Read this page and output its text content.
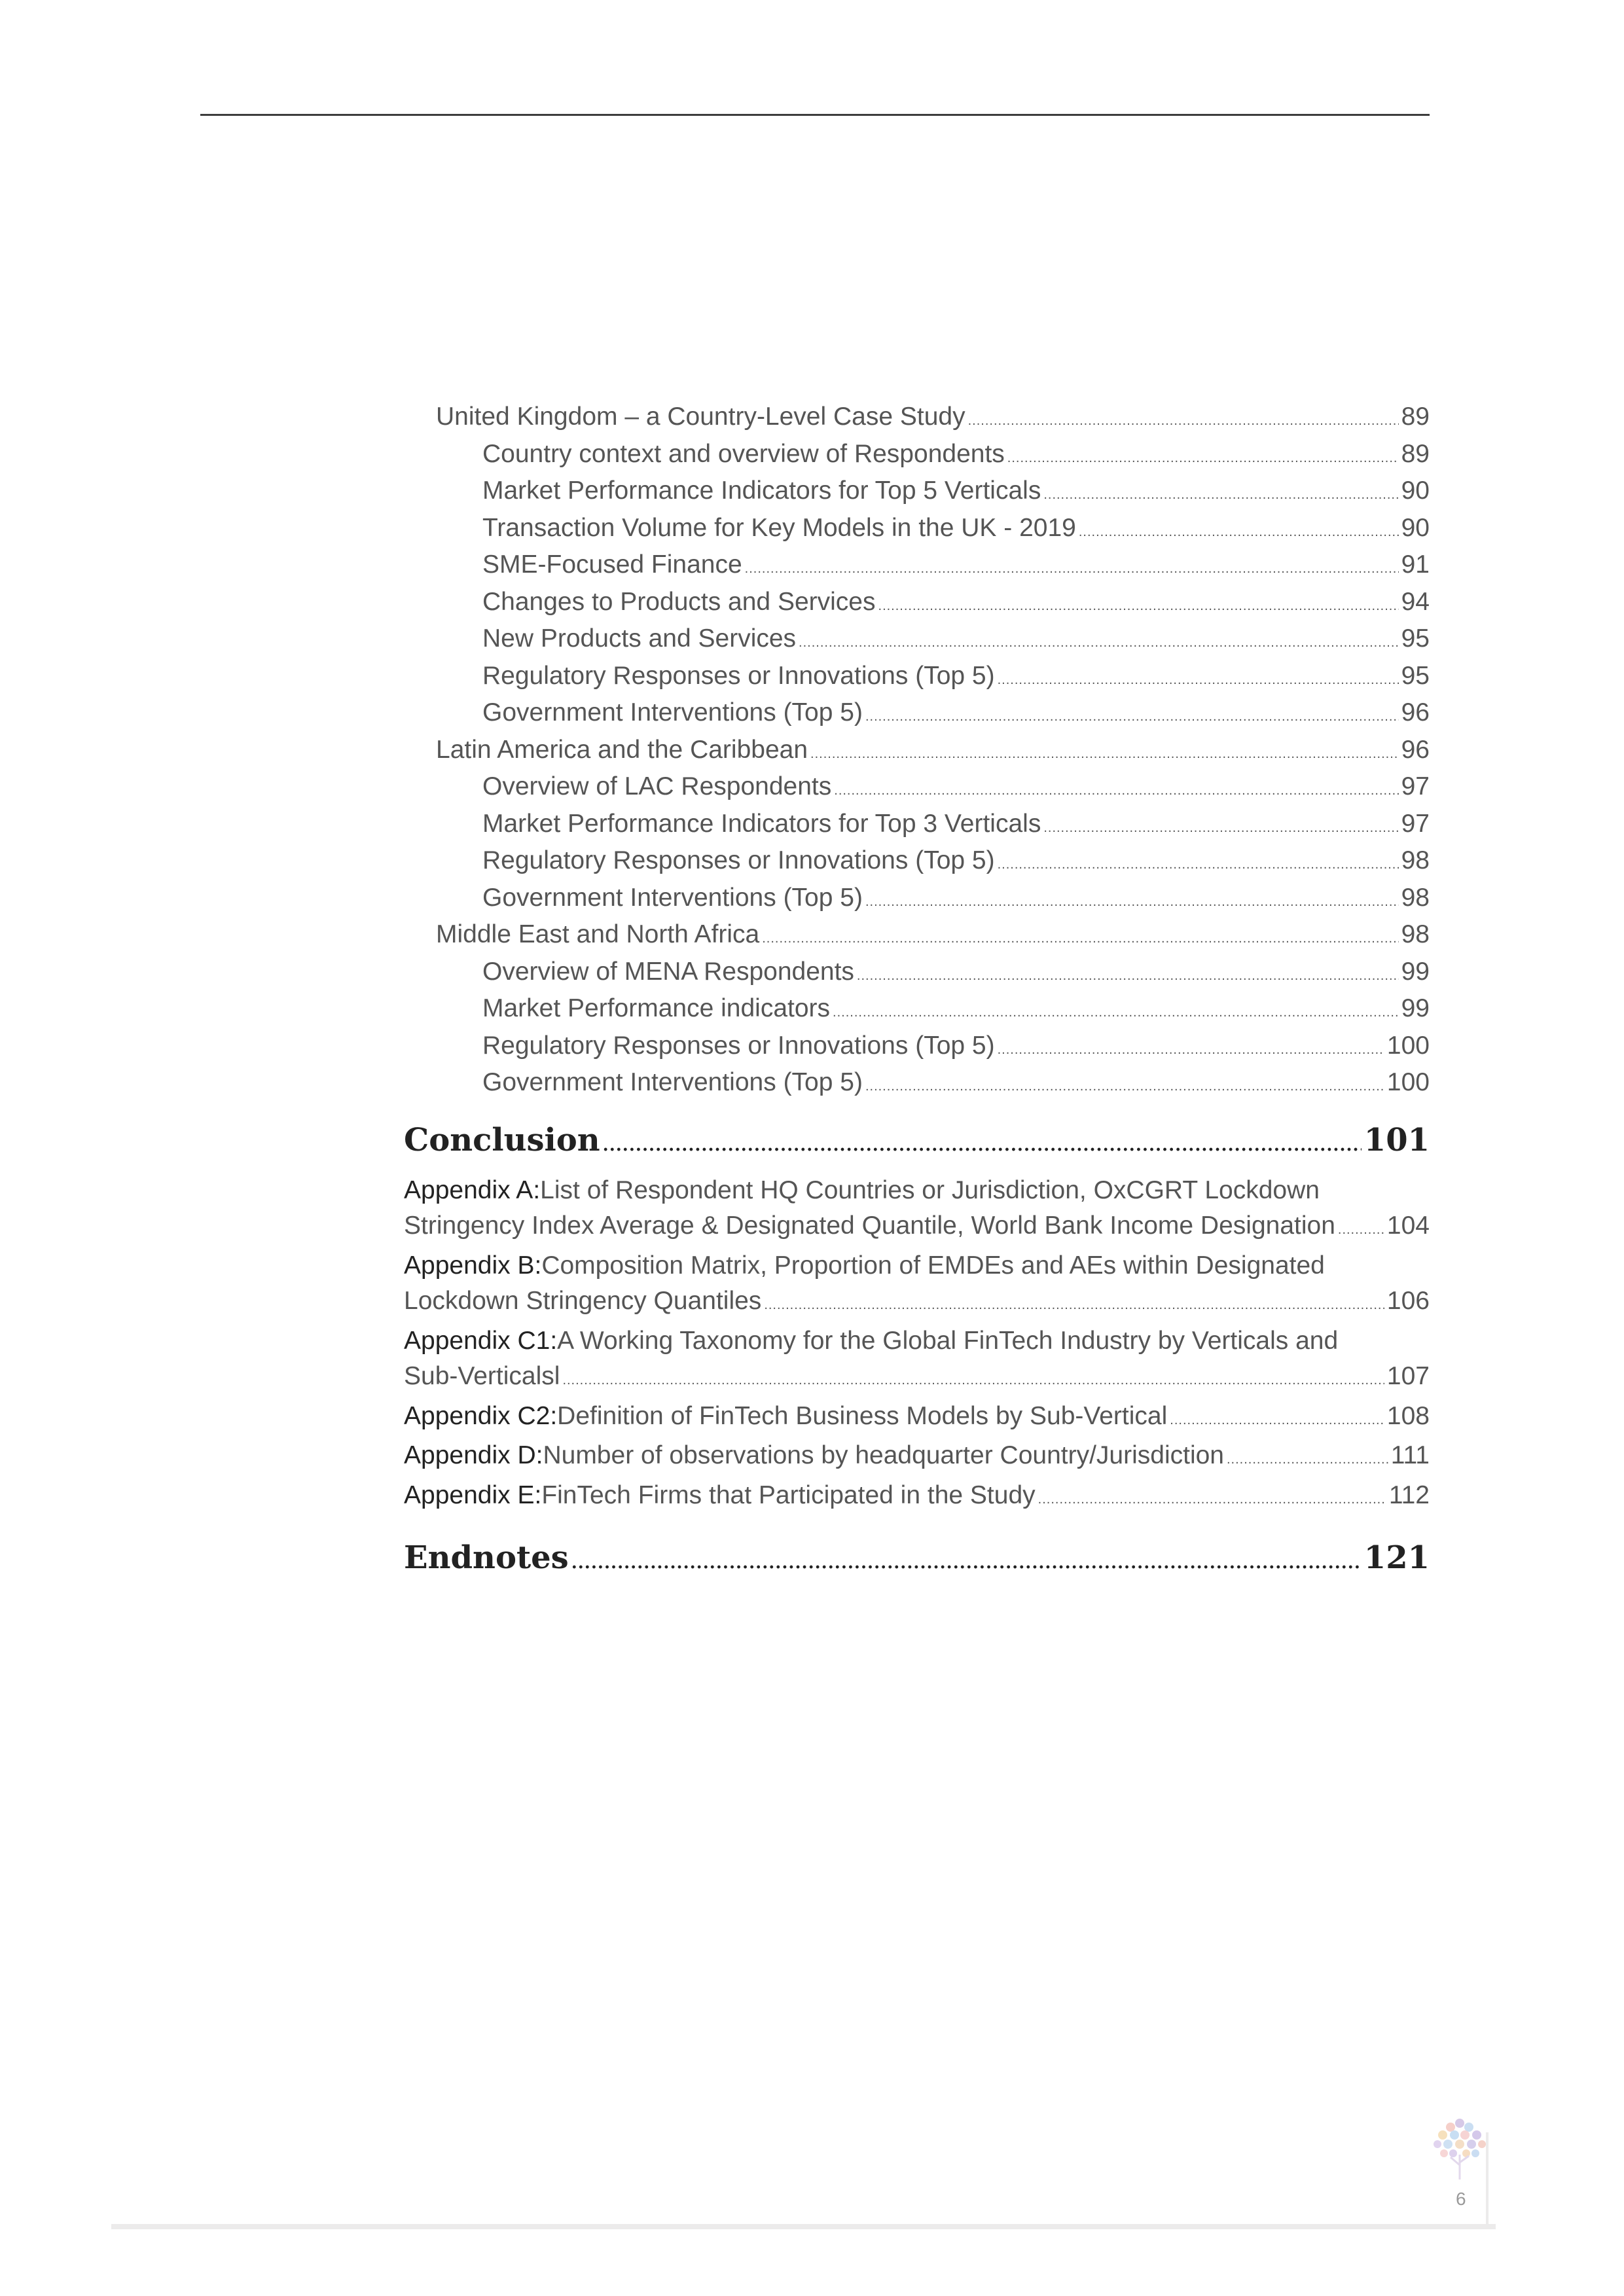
United Kingdom – a Country-Level Case Study .....	89
Country context and overview of Respondents .....	89
Market Performance Indicators for Top 5 Verticals .....	90
Transaction Volume for Key Models in the UK - 2019 .....	90
SME-Focused Finance .....	91
Changes to Products and Services .....	94
New Products and Services .....	95
Regulatory Responses or Innovations (Top 5) .....	95
Government Interventions (Top 5) .....	96
Latin America and the Caribbean .....	96
Overview of LAC Respondents .....	97
Market Performance Indicators for Top 3 Verticals .....	97
Regulatory Responses or Innovations (Top 5) .....	98
Government Interventions (Top 5) .....	98
Middle East and North Africa .....	98
Overview of MENA Respondents .....	99
Market Performance indicators .....	99
Regulatory Responses or Innovations (Top 5) .....	100
Government Interventions (Top 5) .....	100
Conclusion .....	101
Appendix A: List of Respondent HQ Countries or Jurisdiction, OxCGRT Lockdown
Stringency Index Average & Designated Quantile, World Bank Income Designation ..... 104
Appendix B: Composition Matrix, Proportion of EMDEs and AEs within Designated
Lockdown Stringency Quantiles .....	106
Appendix C1: A Working Taxonomy for the Global FinTech Industry by Verticals and
Sub-Verticalsl .....	107
Appendix C2: Definition of FinTech Business Models by Sub-Vertical .....	108
Appendix D: Number of observations by headquarter Country/Jurisdiction .....	111
Appendix E: FinTech Firms that Participated in the Study .....	112
Endnotes .....	121
6
